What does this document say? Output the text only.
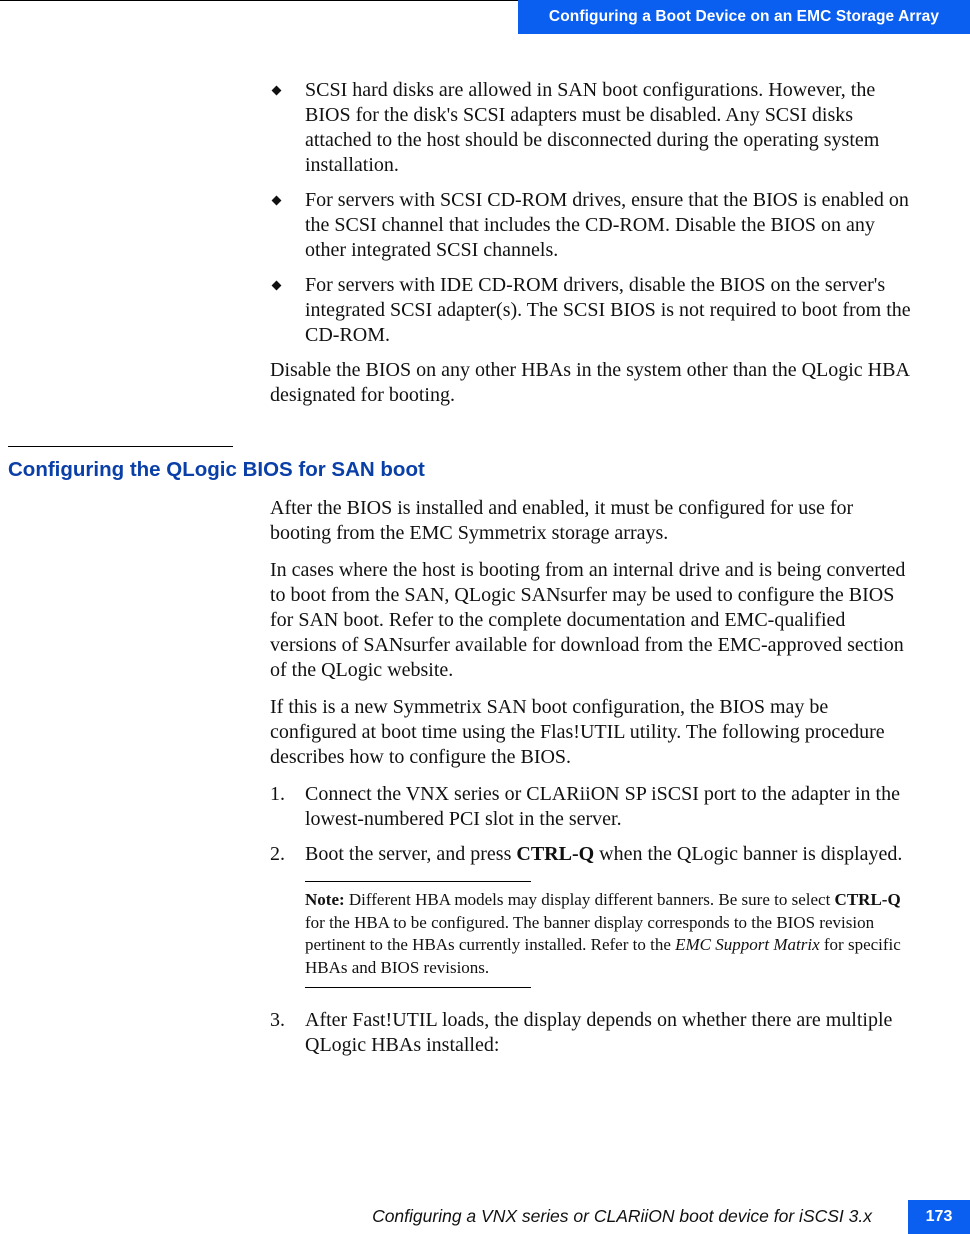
Configuring a Boot Device on an EMC Storage Array
SCSI hard disks are allowed in SAN boot configurations. However, the BIOS for the disk's SCSI adapters must be disabled. Any SCSI disks attached to the host should be disconnected during the operating system installation.
For servers with SCSI CD-ROM drives, ensure that the BIOS is enabled on the SCSI channel that includes the CD-ROM. Disable the BIOS on any other integrated SCSI channels.
For servers with IDE CD-ROM drivers, disable the BIOS on the server's integrated SCSI adapter(s). The SCSI BIOS is not required to boot from the CD-ROM.

Disable the BIOS on any other HBAs in the system other than the QLogic HBA designated for booting.

Configuring the QLogic BIOS for SAN boot

After the BIOS is installed and enabled, it must be configured for use for booting from the EMC Symmetrix storage arrays.

In cases where the host is booting from an internal drive and is being converted to boot from the SAN, QLogic SANsurfer may be used to configure the BIOS for SAN boot. Refer to the complete documentation and EMC-qualified versions of SANsurfer available for download from the EMC-approved section of the QLogic website.

If this is a new Symmetrix SAN boot configuration, the BIOS may be configured at boot time using the Flas!UTIL utility. The following procedure describes how to configure the BIOS.

1. Connect the VNX series or CLARiiON SP iSCSI port to the adapter in the lowest-numbered PCI slot in the server.
2. Boot the server, and press CTRL-Q when the QLogic banner is displayed.
Note: Different HBA models may display different banners. Be sure to select CTRL-Q for the HBA to be configured. The banner display corresponds to the BIOS revision pertinent to the HBAs currently installed. Refer to the EMC Support Matrix for specific HBAs and BIOS revisions.
3. After Fast!UTIL loads, the display depends on whether there are multiple QLogic HBAs installed:
Configuring a VNX series or CLARiiON boot device for iSCSI 3.x	173
